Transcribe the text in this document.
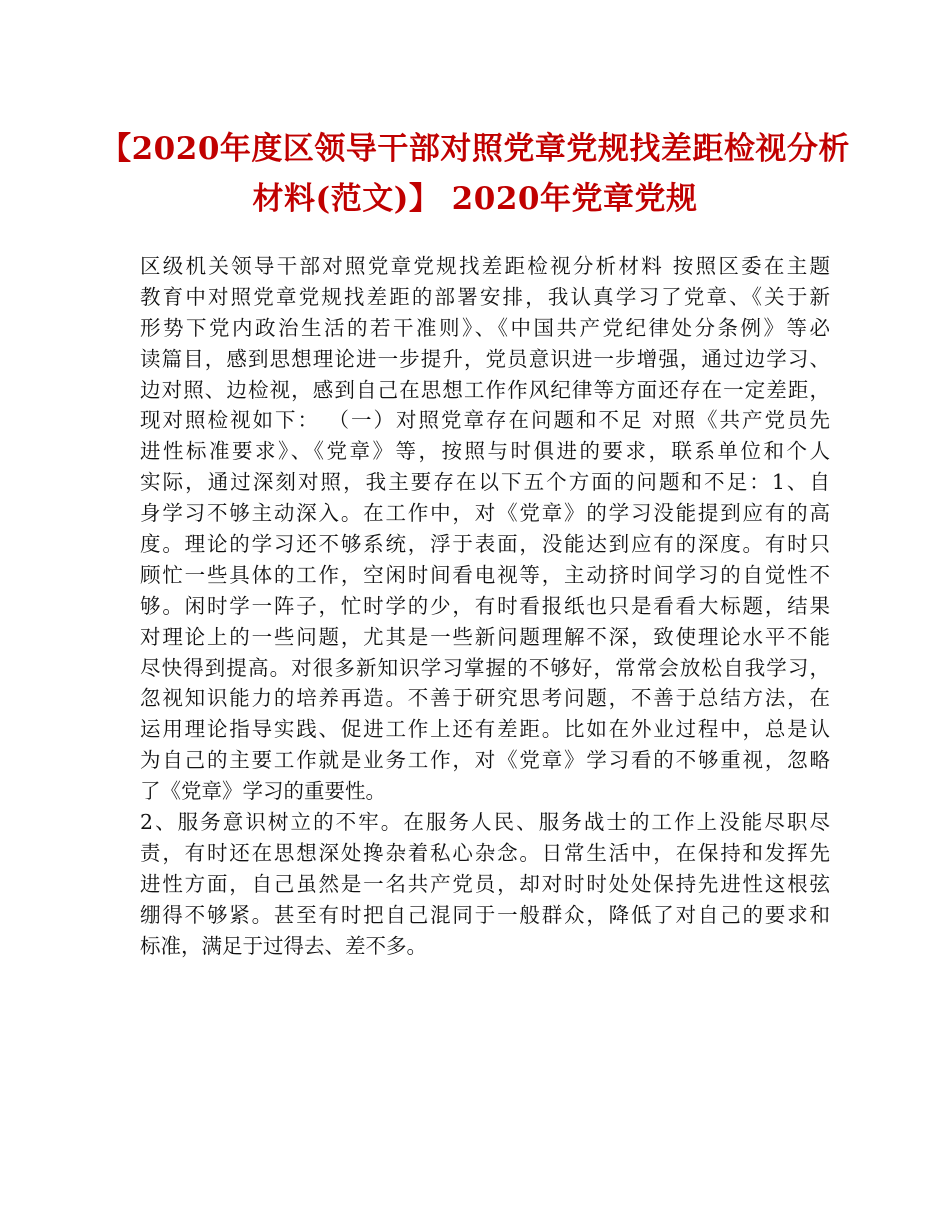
【2020年度区领导干部对照党章党规找差距检视分析
材料(范文)】 2020年党章党规
区级机关领导干部对照党章党规找差距检视分析材料 按照区委在主题
教育中对照党章党规找差距的部署安排，我认真学习了党章、《关于新
形势下党内政治生活的若干准则》、《中国共产党纪律处分条例》等必
读篇目，感到思想理论进一步提升，党员意识进一步增强，通过边学习、
边对照、边检视，感到自己在思想工作作风纪律等方面还存在一定差距，
现对照检视如下： （一）对照党章存在问题和不足 对照《共产党员先
进性标准要求》、《党章》等，按照与时俱进的要求，联系单位和个人
实际，通过深刻对照，我主要存在以下五个方面的问题和不足：1、自
身学习不够主动深入。在工作中，对《党章》的学习没能提到应有的高
度。理论的学习还不够系统，浮于表面，没能达到应有的深度。有时只
顾忙一些具体的工作，空闲时间看电视等，主动挤时间学习的自觉性不
够。闲时学一阵子，忙时学的少，有时看报纸也只是看看大标题，结果
对理论上的一些问题，尤其是一些新问题理解不深，致使理论水平不能
尽快得到提高。对很多新知识学习掌握的不够好，常常会放松自我学习，
忽视知识能力的培养再造。不善于研究思考问题，不善于总结方法，在
运用理论指导实践、促进工作上还有差距。比如在外业过程中，总是认
为自己的主要工作就是业务工作，对《党章》学习看的不够重视，忽略
了《党章》学习的重要性。
2、服务意识树立的不牢。在服务人民、服务战士的工作上没能尽职尽
责，有时还在思想深处搀杂着私心杂念。日常生活中，在保持和发挥先
进性方面，自己虽然是一名共产党员，却对时时处处保持先进性这根弦
绷得不够紧。甚至有时把自己混同于一般群众，降低了对自己的要求和
标准，满足于过得去、差不多。
